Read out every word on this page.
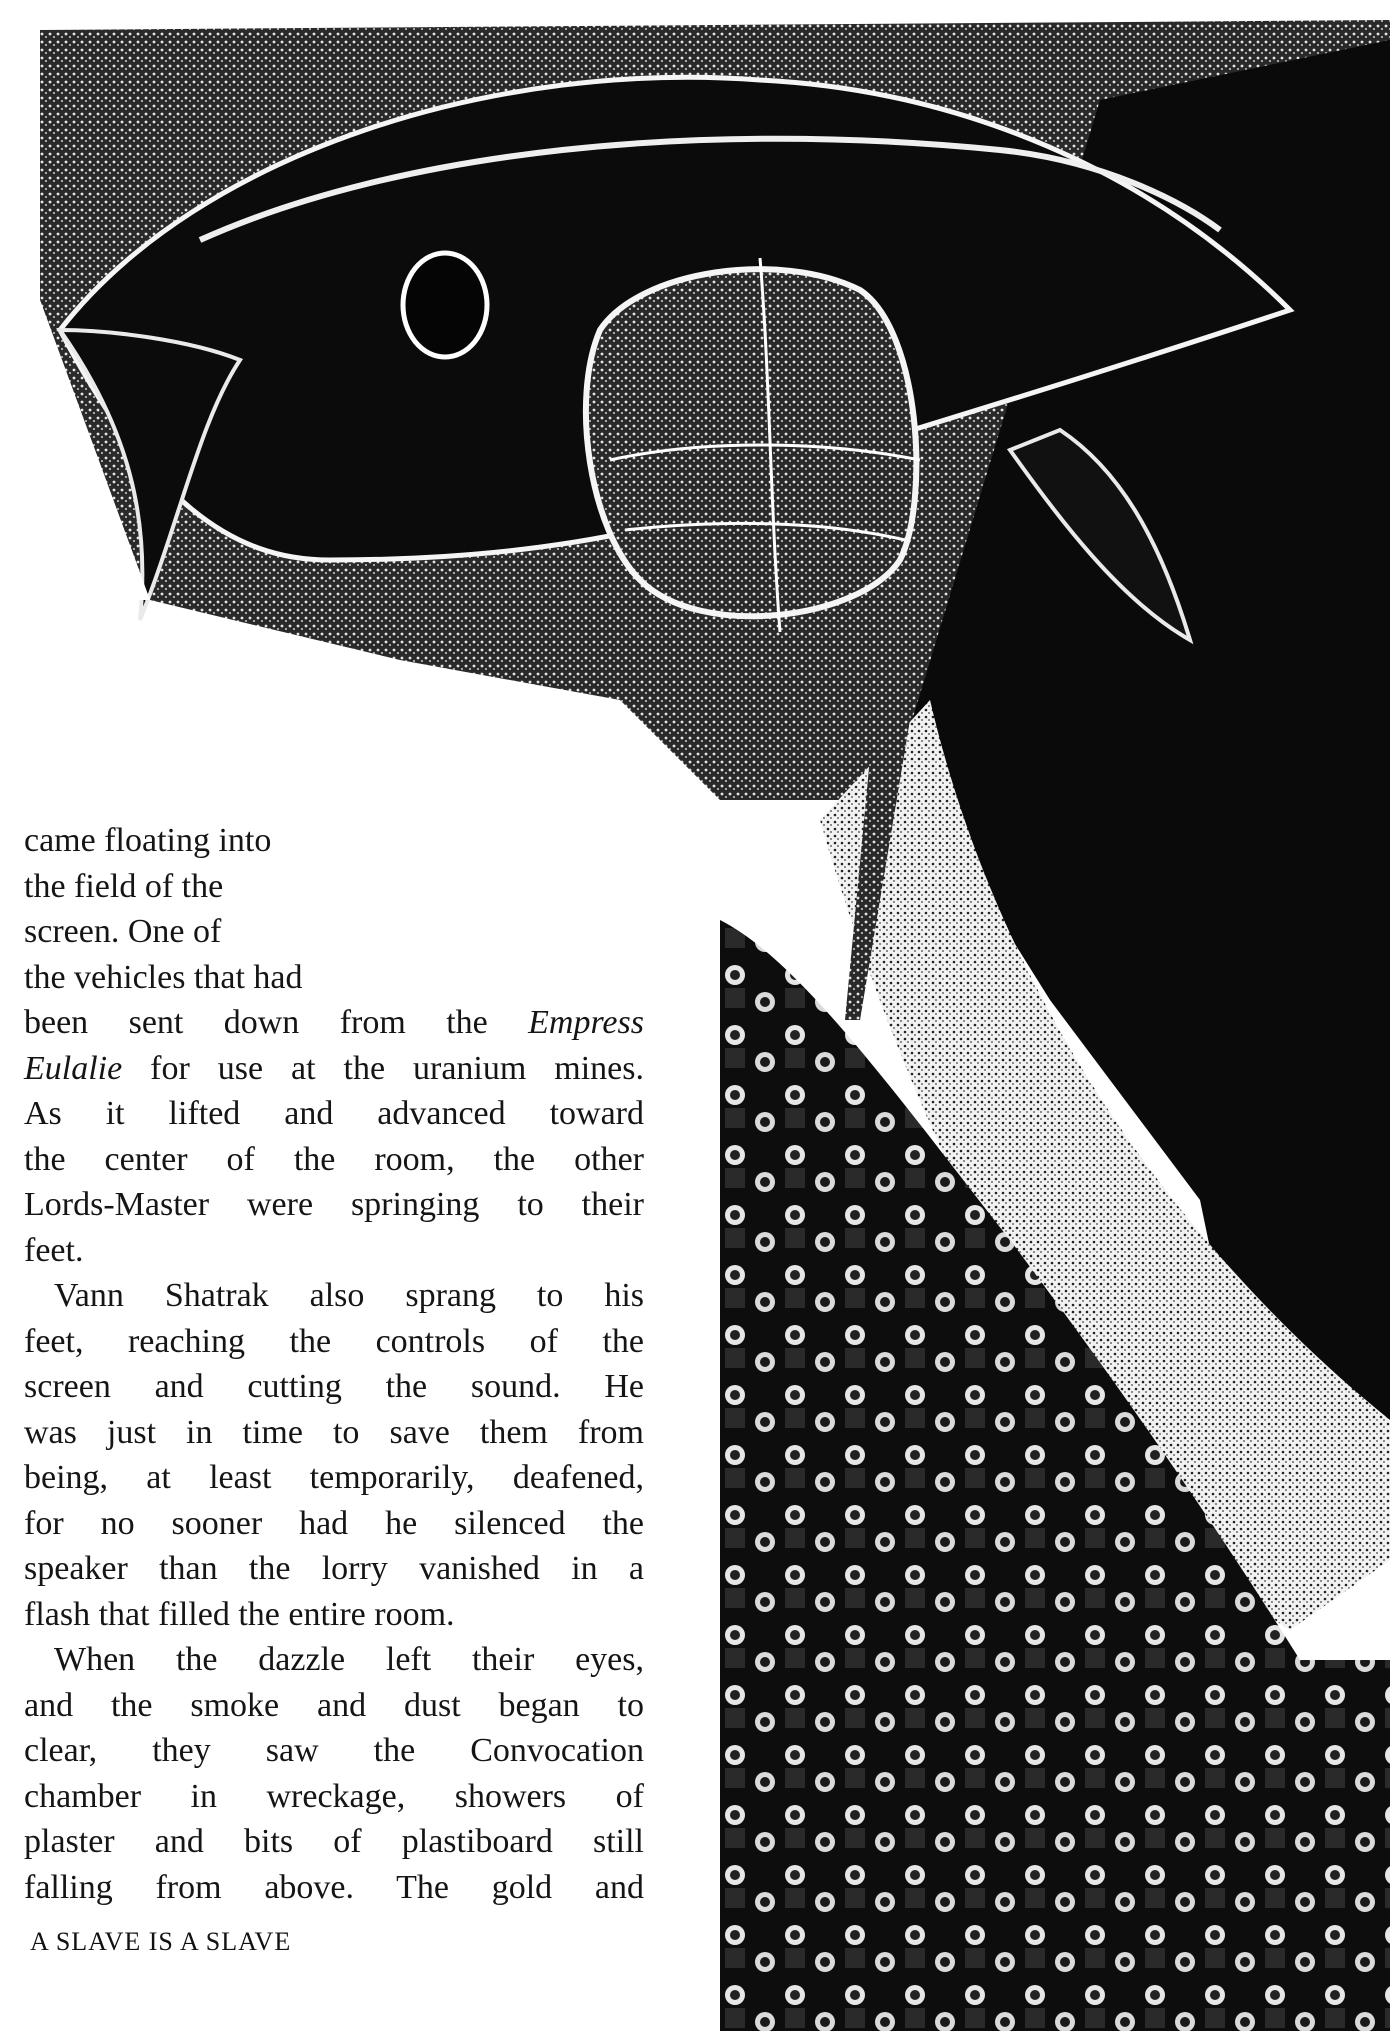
came floating into
the field of the
screen. One of
the vehicles that had
been sent down from the Empress
Eulalie for use at the uranium mines.
As it lifted and advanced toward
the center of the room, the other
Lords-Master were springing to their
feet.
Vann Shatrak also sprang to his
feet, reaching the controls of the
screen and cutting the sound. He
was just in time to save them from
being, at least temporarily, deafened,
for no sooner had he silenced the
speaker than the lorry vanished in a
flash that filled the entire room.
When the dazzle left their eyes,
and the smoke and dust began to
clear, they saw the Convocation
chamber in wreckage, showers of
plaster and bits of plastiboard still
falling from above. The gold and
A SLAVE IS A SLAVE
